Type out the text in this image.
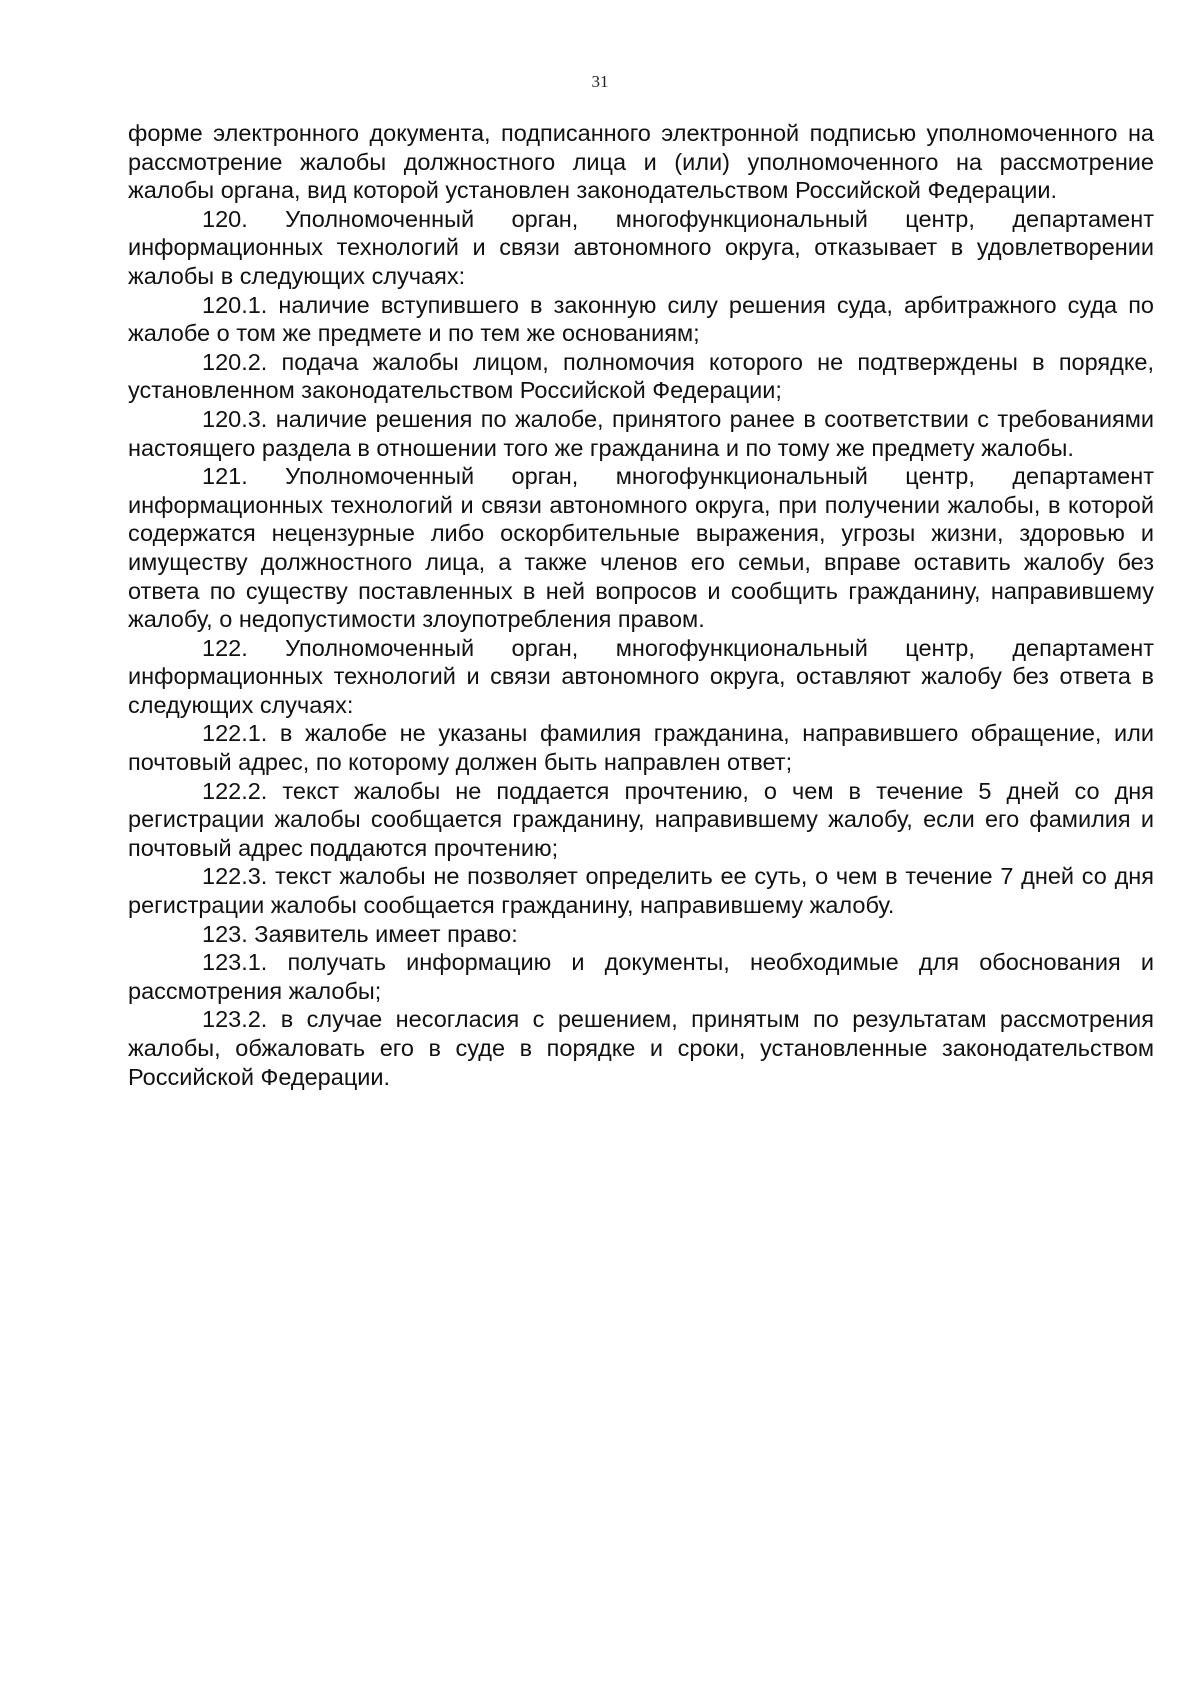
31

форме электронного документа, подписанного электронной подписью уполномоченного на рассмотрение жалобы должностного лица и (или) уполномоченного на рассмотрение жалобы органа, вид которой установлен законодательством Российской Федерации.

120. Уполномоченный орган, многофункциональный центр, департамент информационных технологий и связи автономного округа, отказывает в удовлетворении жалобы в следующих случаях:

120.1. наличие вступившего в законную силу решения суда, арбитражного суда по жалобе о том же предмете и по тем же основаниям;

120.2. подача жалобы лицом, полномочия которого не подтверждены в порядке, установленном законодательством Российской Федерации;

120.3. наличие решения по жалобе, принятого ранее в соответствии с требованиями настоящего раздела в отношении того же гражданина и по тому же предмету жалобы.

121. Уполномоченный орган, многофункциональный центр, департамент информационных технологий и связи автономного округа, при получении жалобы, в которой содержатся нецензурные либо оскорбительные выражения, угрозы жизни, здоровью и имуществу должностного лица, а также членов его семьи, вправе оставить жалобу без ответа по существу поставленных в ней вопросов и сообщить гражданину, направившему жалобу, о недопустимости злоупотребления правом.

122. Уполномоченный орган, многофункциональный центр, департамент информационных технологий и связи автономного округа, оставляют жалобу без ответа в следующих случаях:

122.1. в жалобе не указаны фамилия гражданина, направившего обращение, или почтовый адрес, по которому должен быть направлен ответ;

122.2. текст жалобы не поддается прочтению, о чем в течение 5 дней со дня регистрации жалобы сообщается гражданину, направившему жалобу, если его фамилия и почтовый адрес поддаются прочтению;

122.3. текст жалобы не позволяет определить ее суть, о чем в течение 7 дней со дня регистрации жалобы сообщается гражданину, направившему жалобу.

123. Заявитель имеет право:

123.1. получать информацию и документы, необходимые для обоснования и рассмотрения жалобы;

123.2. в случае несогласия с решением, принятым по результатам рассмотрения жалобы, обжаловать его в суде в порядке и сроки, установленные законодательством Российской Федерации.
